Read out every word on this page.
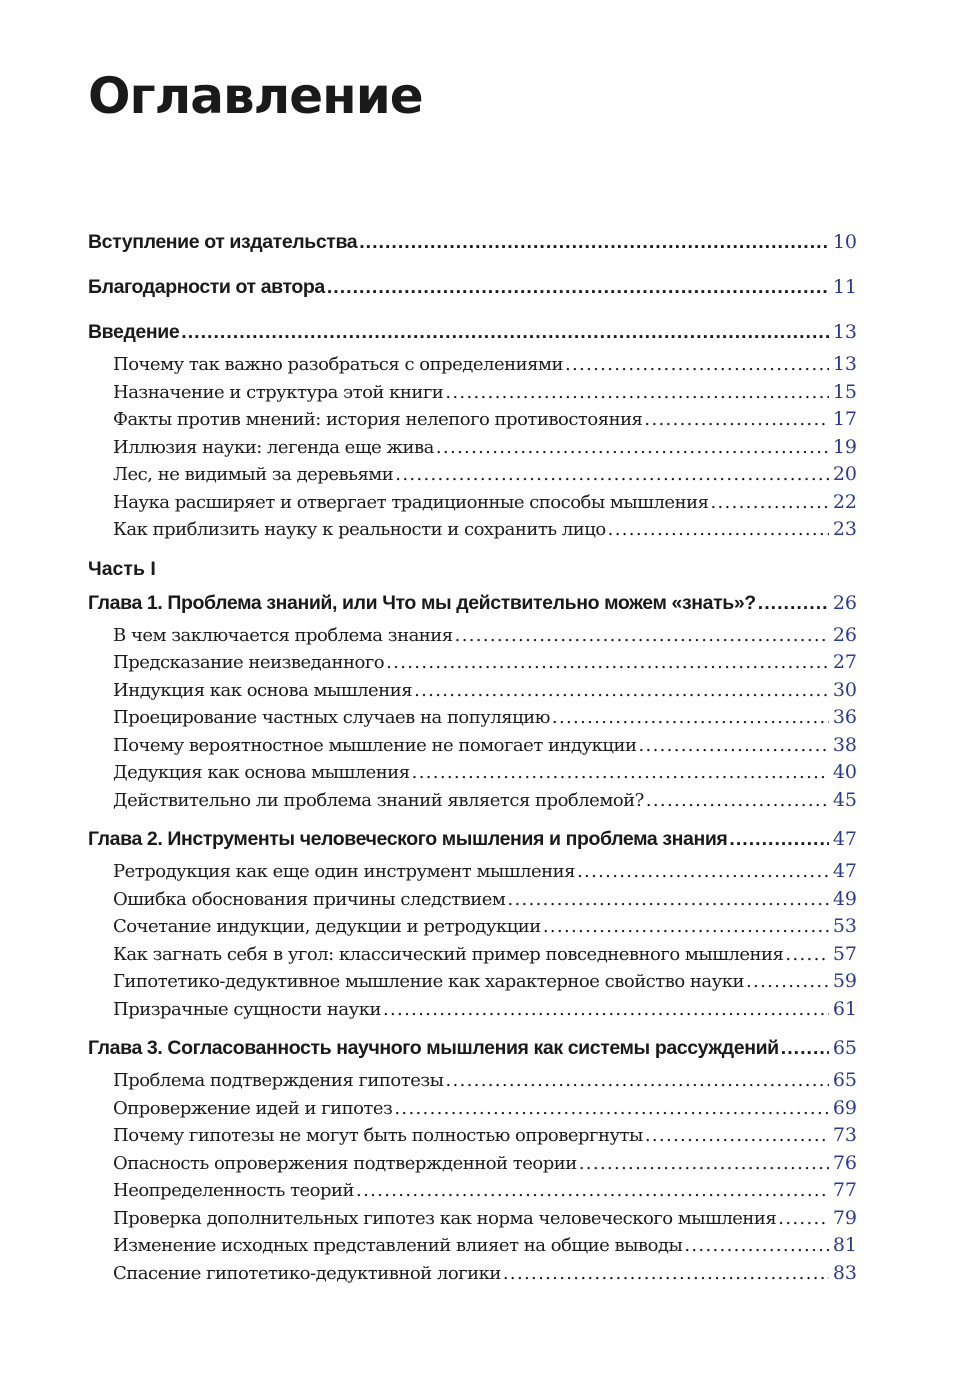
Оглавление
Вступление от издательства . . .	10
Благодарности от автора . . .	11
Введение . . .	13
Почему так важно разобраться с определениями . . .	13
Назначение и структура этой книги . . .	15
Факты против мнений: история нелепого противостояния . . .	17
Иллюзия науки: легенда еще жива . . .	19
Лес, не видимый за деревьями . . .	20
Наука расширяет и отвергает традиционные способы мышления . . .	22
Как приблизить науку к реальности и сохранить лицо . . .	23
Часть I
Глава 1. Проблема знаний, или Что мы действительно можем «знать»? . . .	26
В чем заключается проблема знания . . .	26
Предсказание неизведанного . . .	27
Индукция как основа мышления . . .	30
Проецирование частных случаев на популяцию . . .	36
Почему вероятностное мышление не помогает индукции . . .	38
Дедукция как основа мышления . . .	40
Действительно ли проблема знаний является проблемой? . . .	45
Глава 2. Инструменты человеческого мышления и проблема знания . . .	47
Ретродукция как еще один инструмент мышления . . .	47
Ошибка обоснования причины следствием . . .	49
Сочетание индукции, дедукции и ретродукции . . .	53
Как загнать себя в угол: классический пример повседневного мышления . . .	57
Гипотетико-дедуктивное мышление как характерное свойство науки . . .	59
Призрачные сущности науки . . .	61
Глава 3. Согласованность научного мышления как системы рассуждений . . .	65
Проблема подтверждения гипотезы . . .	65
Опровержение идей и гипотез . . .	69
Почему гипотезы не могут быть полностью опровергнуты . . .	73
Опасность опровержения подтвержденной теории . . .	76
Неопределенность теорий . . .	77
Проверка дополнительных гипотез как норма человеческого мышления . . .	79
Изменение исходных представлений влияет на общие выводы . . .	81
Спасение гипотетико-дедуктивной логики . . .	83
